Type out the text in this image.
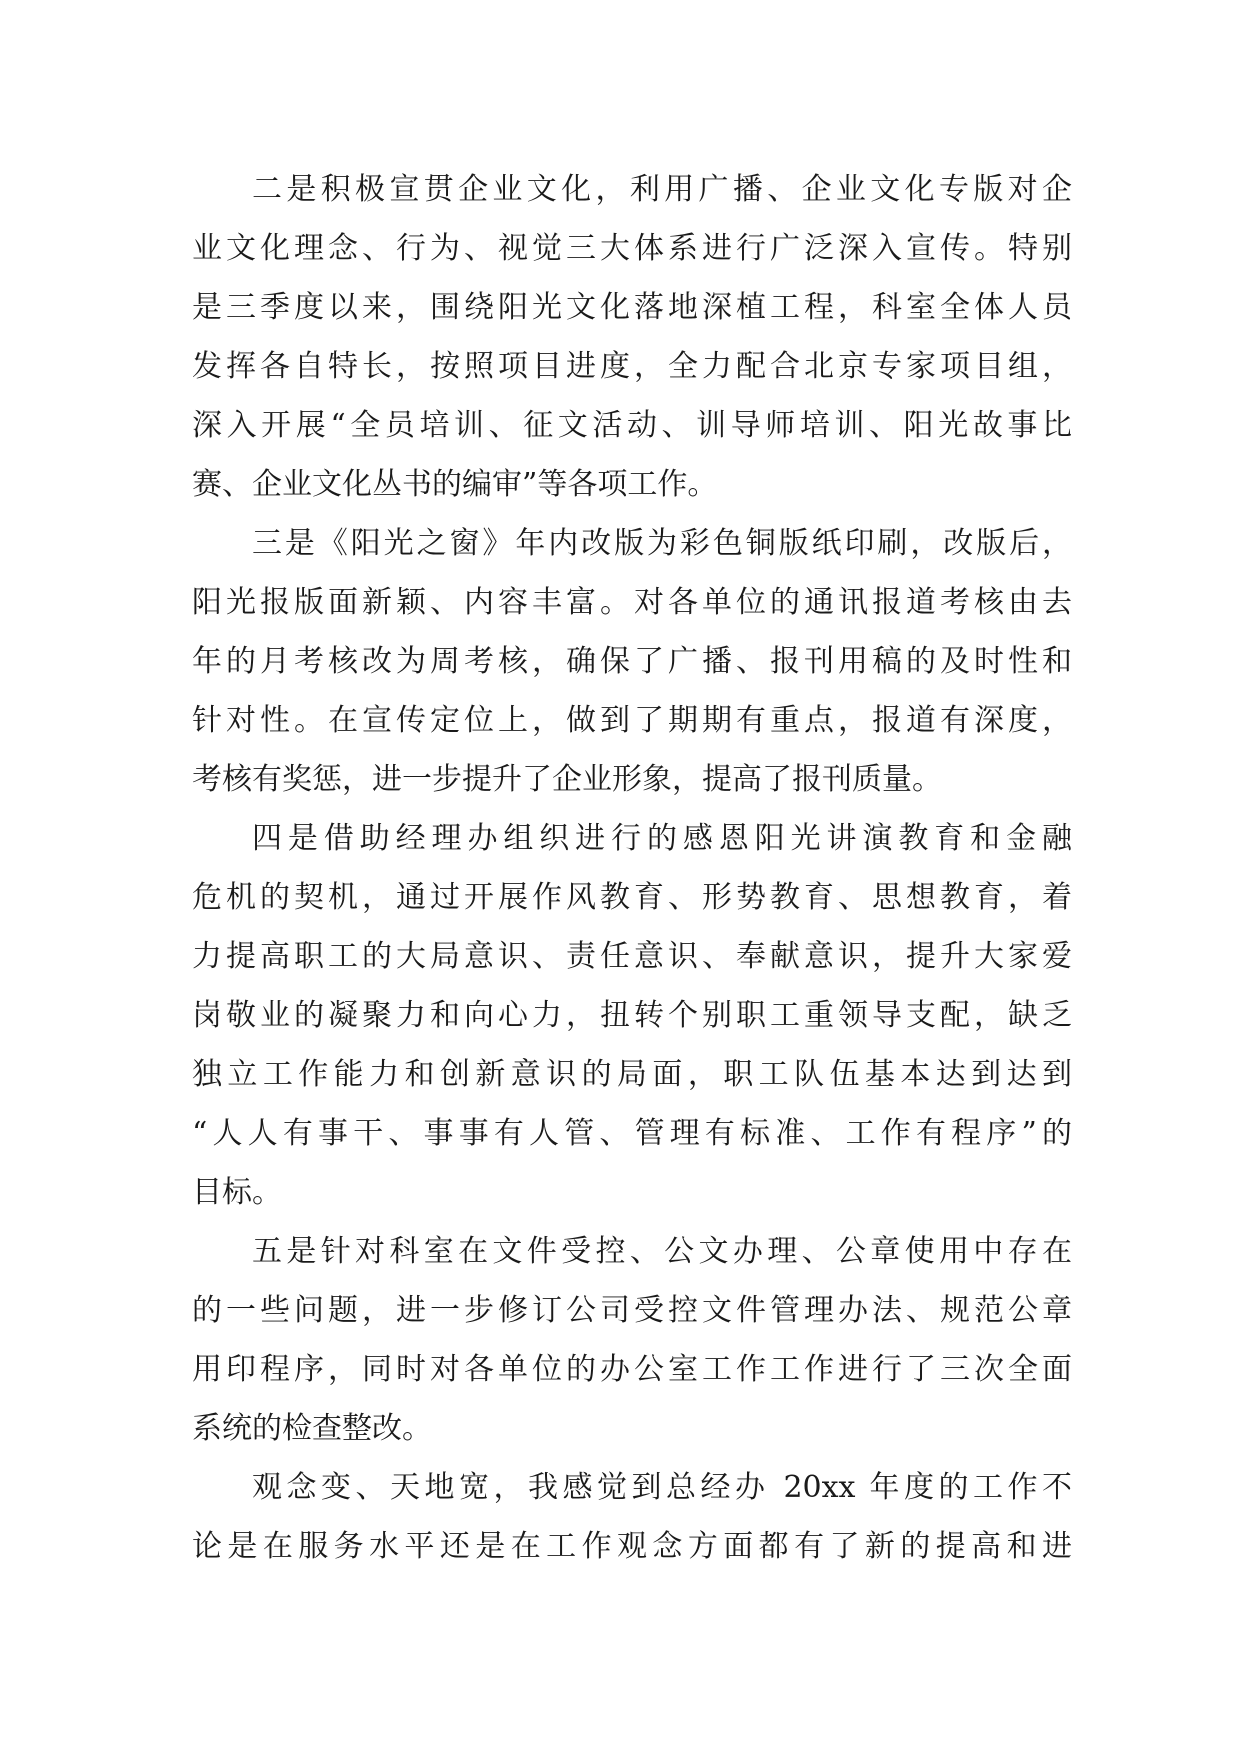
二是积极宣贯企业文化，利用广播、企业文化专版对企
业文化理念、行为、视觉三大体系进行广泛深入宣传。特别
是三季度以来，围绕阳光文化落地深植工程，科室全体人员
发挥各自特长，按照项目进度，全力配合北京专家项目组，
深入开展“全员培训、征文活动、训导师培训、阳光故事比
赛、企业文化丛书的编审”等各项工作。
三是《阳光之窗》年内改版为彩色铜版纸印刷，改版后，
阳光报版面新颖、内容丰富。对各单位的通讯报道考核由去
年的月考核改为周考核，确保了广播、报刊用稿的及时性和
针对性。在宣传定位上，做到了期期有重点，报道有深度，
考核有奖惩，进一步提升了企业形象，提高了报刊质量。
四是借助经理办组织进行的感恩阳光讲演教育和金融
危机的契机，通过开展作风教育、形势教育、思想教育，着
力提高职工的大局意识、责任意识、奉献意识，提升大家爱
岗敬业的凝聚力和向心力，扭转个别职工重领导支配，缺乏
独立工作能力和创新意识的局面，职工队伍基本达到达到
“人人有事干、事事有人管、管理有标准、工作有程序”的
目标。
五是针对科室在文件受控、公文办理、公章使用中存在
的一些问题，进一步修订公司受控文件管理办法、规范公章
用印程序，同时对各单位的办公室工作工作进行了三次全面
系统的检查整改。
观念变、天地宽，我感觉到总经办 20xx 年度的工作不
论是在服务水平还是在工作观念方面都有了新的提高和进
